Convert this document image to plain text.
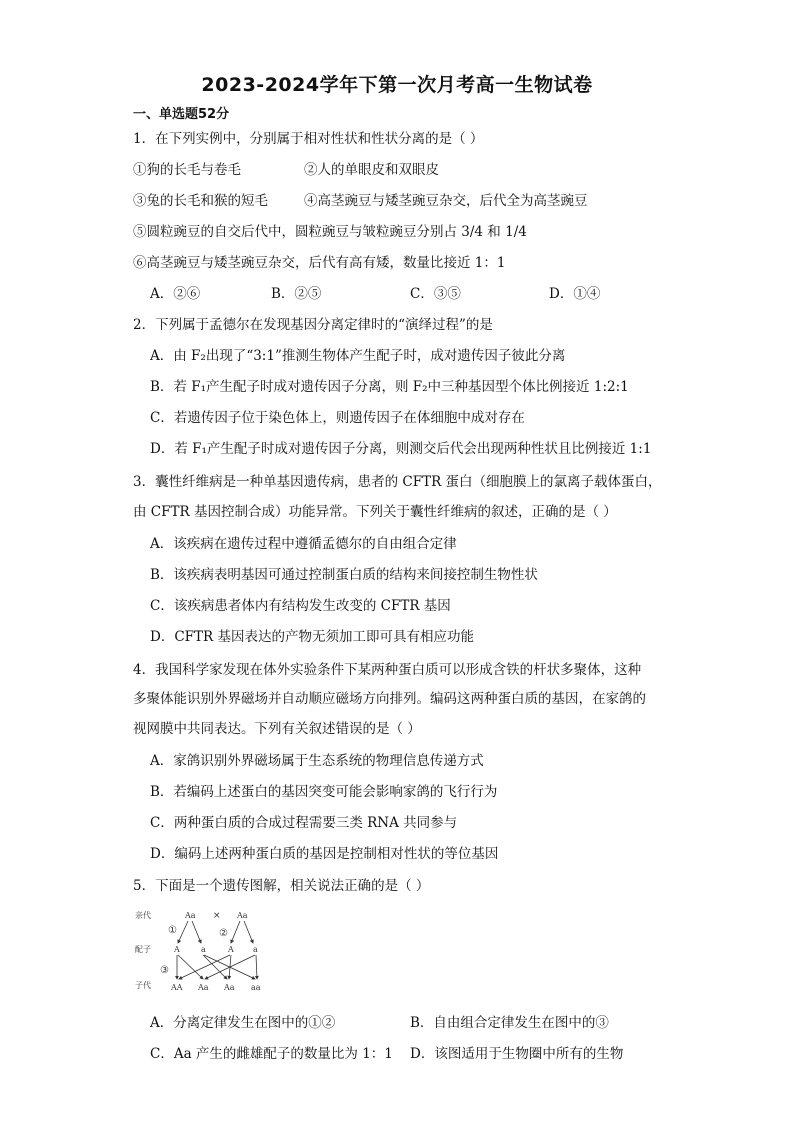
2023-2024学年下第一次月考高一生物试卷
一、单选题52分
1．在下列实例中，分别属于相对性状和性状分离的是（ ）
①狗的长毛与卷毛	②人的单眼皮和双眼皮
③兔的长毛和猴的短毛	④高茎豌豆与矮茎豌豆杂交，后代全为高茎豌豆
⑤圆粒豌豆的自交后代中，圆粒豌豆与皱粒豌豆分别占 3/4 和 1/4
⑥高茎豌豆与矮茎豌豆杂交，后代有高有矮，数量比接近 1：1
A．②⑥	B．②⑤	C．③⑤	D．①④
2．下列属于孟德尔在发现基因分离定律时的“演绎过程”的是
A．由 F₂出现了“3:1”推测生物体产生配子时，成对遗传因子彼此分离
B．若 F₁产生配子时成对遗传因子分离，则 F₂中三种基因型个体比例接近 1:2:1
C．若遗传因子位于染色体上，则遗传因子在体细胞中成对存在
D．若 F₁产生配子时成对遗传因子分离，则测交后代会出现两种性状且比例接近 1:1
3．囊性纤维病是一种单基因遗传病，患者的 CFTR 蛋白（细胞膜上的氯离子载体蛋白，
由 CFTR 基因控制合成）功能异常。下列关于囊性纤维病的叙述，正确的是（ ）
A．该疾病在遗传过程中遵循孟德尔的自由组合定律
B．该疾病表明基因可通过控制蛋白质的结构来间接控制生物性状
C．该疾病患者体内有结构发生改变的 CFTR 基因
D．CFTR 基因表达的产物无须加工即可具有相应功能
4．我国科学家发现在体外实验条件下某两种蛋白质可以形成含铁的杆状多聚体，这种
多聚体能识别外界磁场并自动顺应磁场方向排列。编码这两种蛋白质的基因，在家鸽的
视网膜中共同表达。下列有关叙述错误的是（ ）
A．家鸽识别外界磁场属于生态系统的物理信息传递方式
B．若编码上述蛋白的基因突变可能会影响家鸽的飞行行为
C．两种蛋白质的合成过程需要三类 RNA 共同参与
D．编码上述两种蛋白质的基因是控制相对性状的等位基因
5．下面是一个遗传图解，相关说法正确的是（ ）
亲代
配子
子代
Aa × Aa
①	②
③
A	a	A a
AA Aa Aa aa
A．分离定律发生在图中的①②	B．自由组合定律发生在图中的③
C．Aa 产生的雌雄配子的数量比为 1：1 D．该图适用于生物圈中所有的生物
